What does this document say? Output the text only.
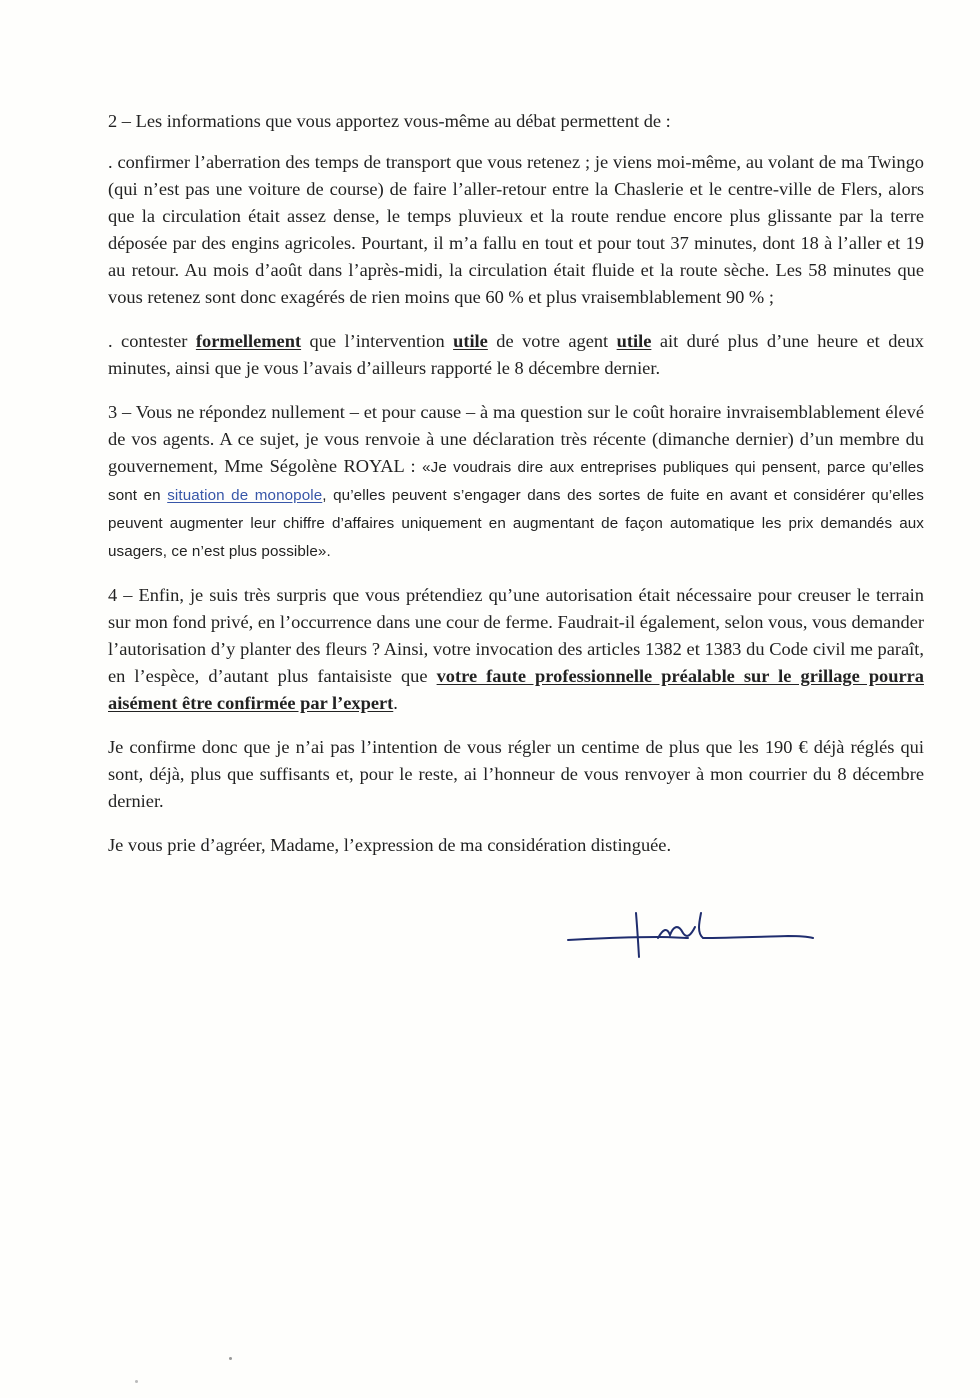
2 – Les informations que vous apportez vous-même au débat permettent de :

. confirmer l’aberration des temps de transport que vous retenez ; je viens moi-même, au volant de ma Twingo (qui n’est pas une voiture de course) de faire l’aller-retour entre la Chaslerie et le centre-ville de Flers, alors que la circulation était assez dense, le temps pluvieux et la route rendue encore plus glissante par la terre déposée par des engins agricoles. Pourtant, il m’a fallu en tout et pour tout 37 minutes, dont 18 à l’aller et 19 au retour. Au mois d’août dans l’après-midi, la circulation était fluide et la route sèche. Les 58 minutes que vous retenez sont donc exagérés de rien moins que 60 % et plus vraisemblablement 90 % ;

. contester formellement que l’intervention utile de votre agent utile ait duré plus d’une heure et deux minutes, ainsi que je vous l’avais d’ailleurs rapporté le 8 décembre dernier.

3 – Vous ne répondez nullement – et pour cause – à ma question sur le coût horaire invraisemblablement élevé de vos agents. A ce sujet, je vous renvoie à une déclaration très récente (dimanche dernier) d’un membre du gouvernement, Mme Ségolène ROYAL : «Je voudrais dire aux entreprises publiques qui pensent, parce qu’elles sont en situation de monopole, qu’elles peuvent s’engager dans des sortes de fuite en avant et considérer qu’elles peuvent augmenter leur chiffre d’affaires uniquement en augmentant de façon automatique les prix demandés aux usagers, ce n’est plus possible».

4 – Enfin, je suis très surpris que vous prétendiez qu’une autorisation était nécessaire pour creuser le terrain sur mon fond privé, en l’occurrence dans une cour de ferme. Faudrait-il également, selon vous, vous demander l’autorisation d’y planter des fleurs ? Ainsi, votre invocation des articles 1382 et 1383 du Code civil me paraît, en l’espèce, d’autant plus fantaisiste que votre faute professionnelle préalable sur le grillage pourra aisément être confirmée par l’expert.

Je confirme donc que je n’ai pas l’intention de vous régler un centime de plus que les 190 € déjà réglés qui sont, déjà, plus que suffisants et, pour le reste, ai l’honneur de vous renvoyer à mon courrier du 8 décembre dernier.

Je vous prie d’agréer, Madame, l’expression de ma considération distinguée.
